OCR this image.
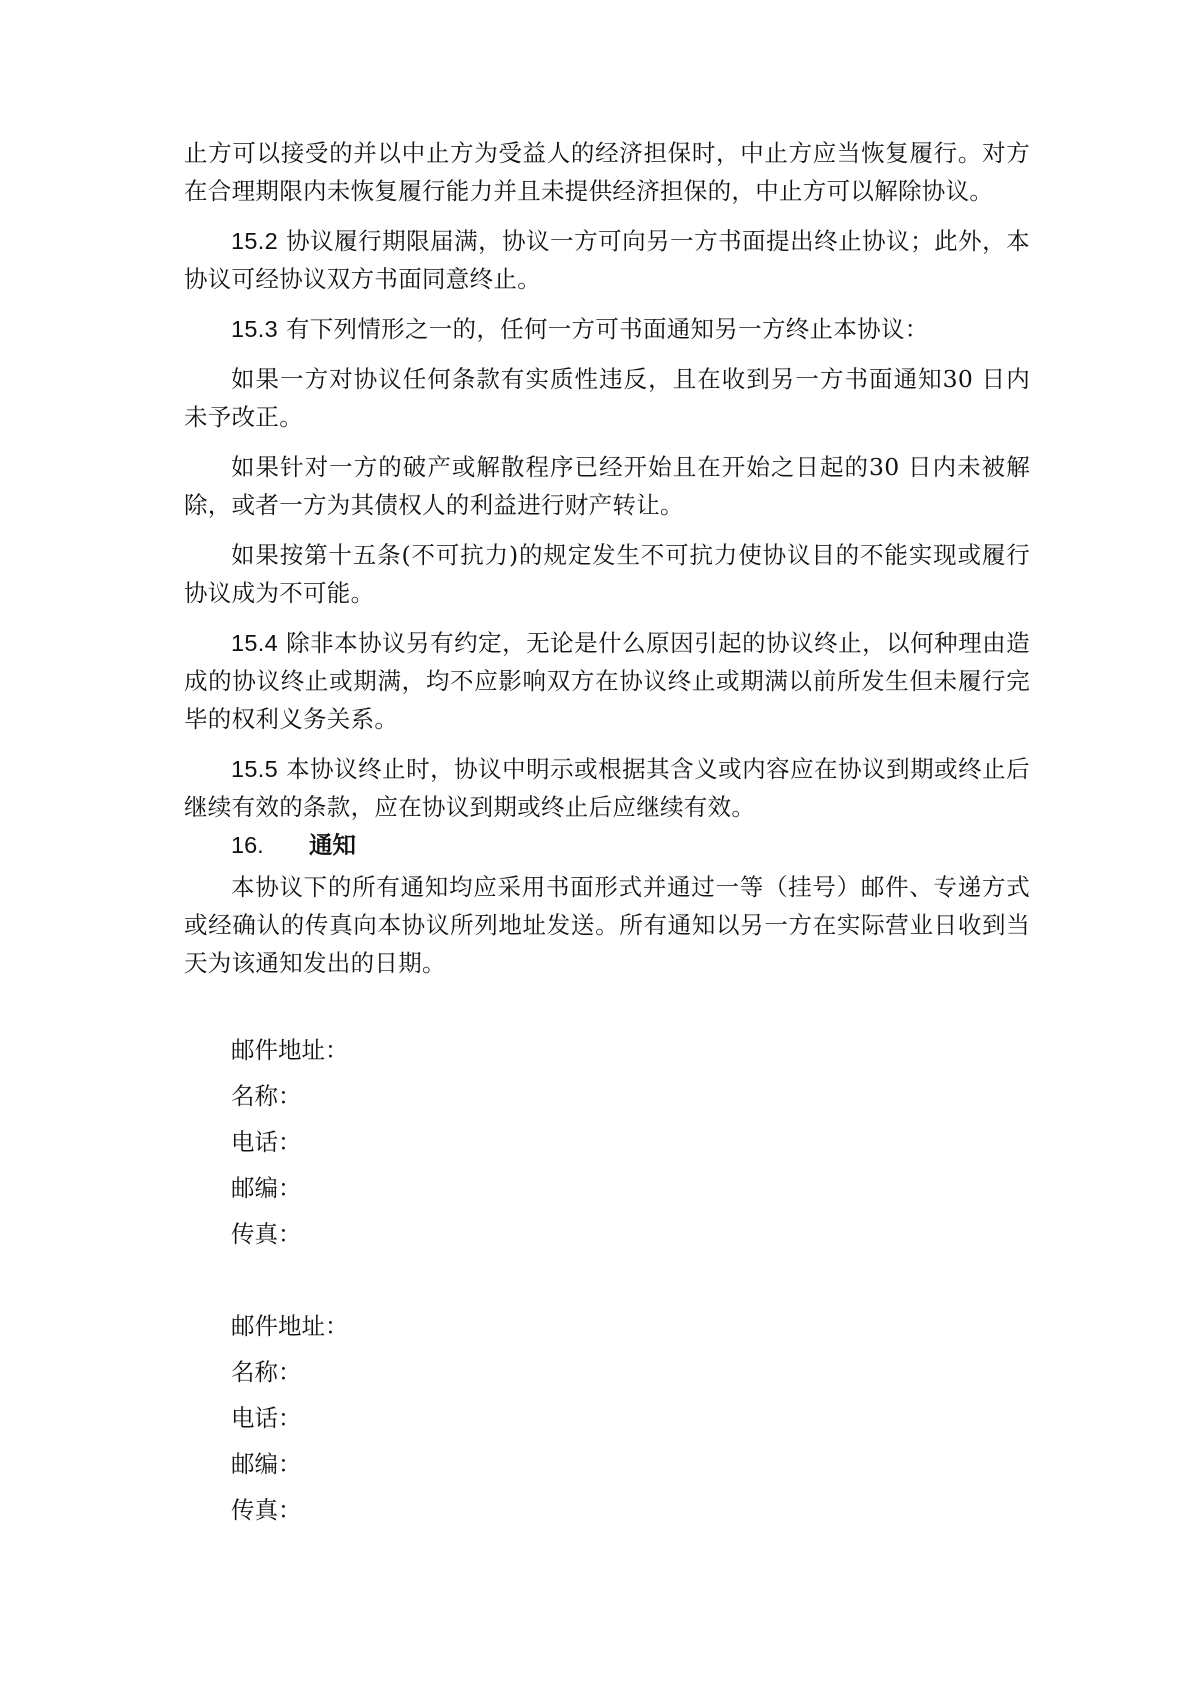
止方可以接受的并以中止方为受益人的经济担保时，中止方应当恢复履行。对方在合理期限内未恢复履行能力并且未提供经济担保的，中止方可以解除协议。

15.2 协议履行期限届满，协议一方可向另一方书面提出终止协议；此外，本协议可经协议双方书面同意终止。

15.3 有下列情形之一的，任何一方可书面通知另一方终止本协议：

如果一方对协议任何条款有实质性违反，且在收到另一方书面通知30 日内未予改正。

如果针对一方的破产或解散程序已经开始且在开始之日起的30 日内未被解除，或者一方为其债权人的利益进行财产转让。

如果按第十五条(不可抗力)的规定发生不可抗力使协议目的不能实现或履行协议成为不可能。

15.4 除非本协议另有约定，无论是什么原因引起的协议终止，以何种理由造成的协议终止或期满，均不应影响双方在协议终止或期满以前所发生但未履行完毕的权利义务关系。

15.5 本协议终止时，协议中明示或根据其含义或内容应在协议到期或终止后继续有效的条款，应在协议到期或终止后应继续有效。

16.	通知

本协议下的所有通知均应采用书面形式并通过一等（挂号）邮件、专递方式或经确认的传真向本协议所列地址发送。所有通知以另一方在实际营业日收到当天为该通知发出的日期。

邮件地址：
名称：
电话：
邮编：
传真：
邮件地址：
名称：
电话：
邮编：
传真：
